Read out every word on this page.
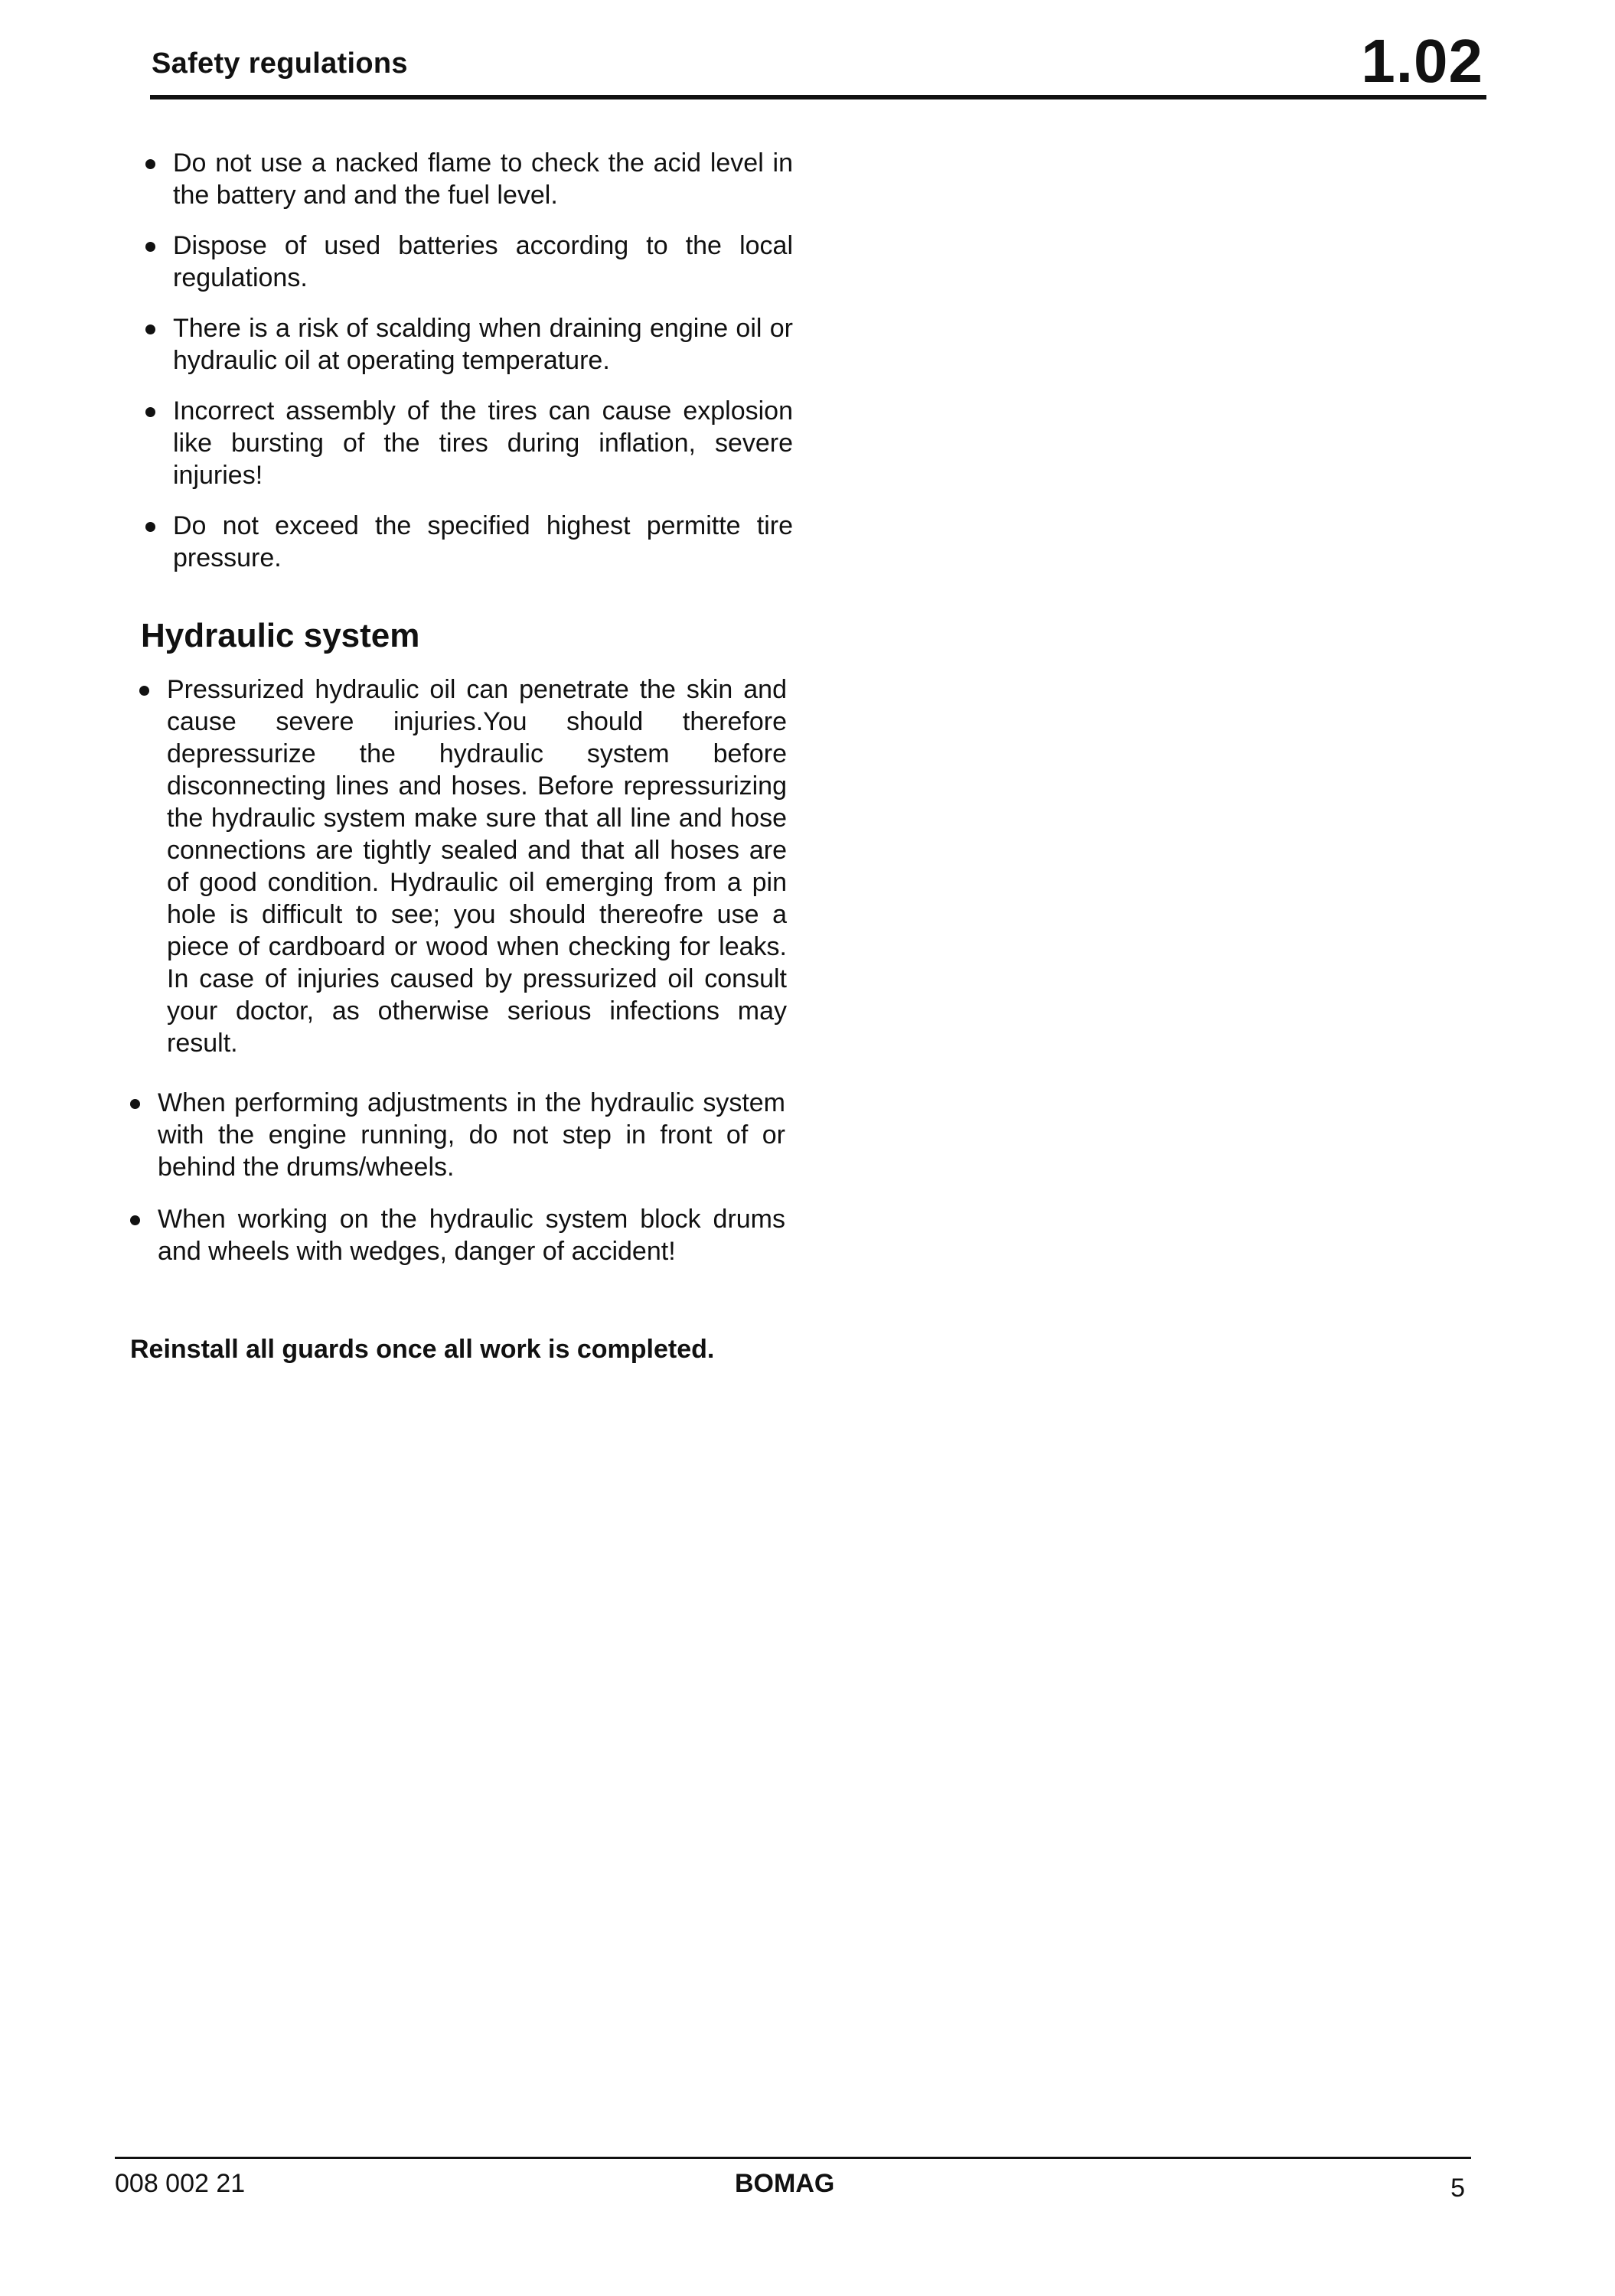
Safety regulations	1.02
Do not use a nacked flame to check the acid level in the battery and and the fuel level.
Dispose of used batteries according to the local regulations.
There is a risk of scalding when draining engine oil or hydraulic oil at operating temperature.
Incorrect assembly of the tires can cause explosion like bursting of the tires during inflation, severe injuries!
Do not exceed the specified highest permitte tire pressure.
Hydraulic system
Pressurized hydraulic oil can penetrate the skin and cause severe injuries.You should therefore depressurize the hydraulic system before disconnecting lines and hoses. Before repressurizing the hydraulic system make sure that all line and hose connections are tightly sealed and that all hoses are of good condition. Hydraulic oil emerging from a pin hole is difficult to see; you should thereofre use a piece of cardboard or wood when checking for leaks. In case of injuries caused by pressurized oil consult your doctor, as otherwise serious infections may result.
When performing adjustments in the hydraulic system with the engine running, do not step in front of or behind the drums/wheels.
When working on the hydraulic system block drums and wheels with wedges, danger of accident!
Reinstall all guards once all work is completed.
008 002 21	BOMAG	5
